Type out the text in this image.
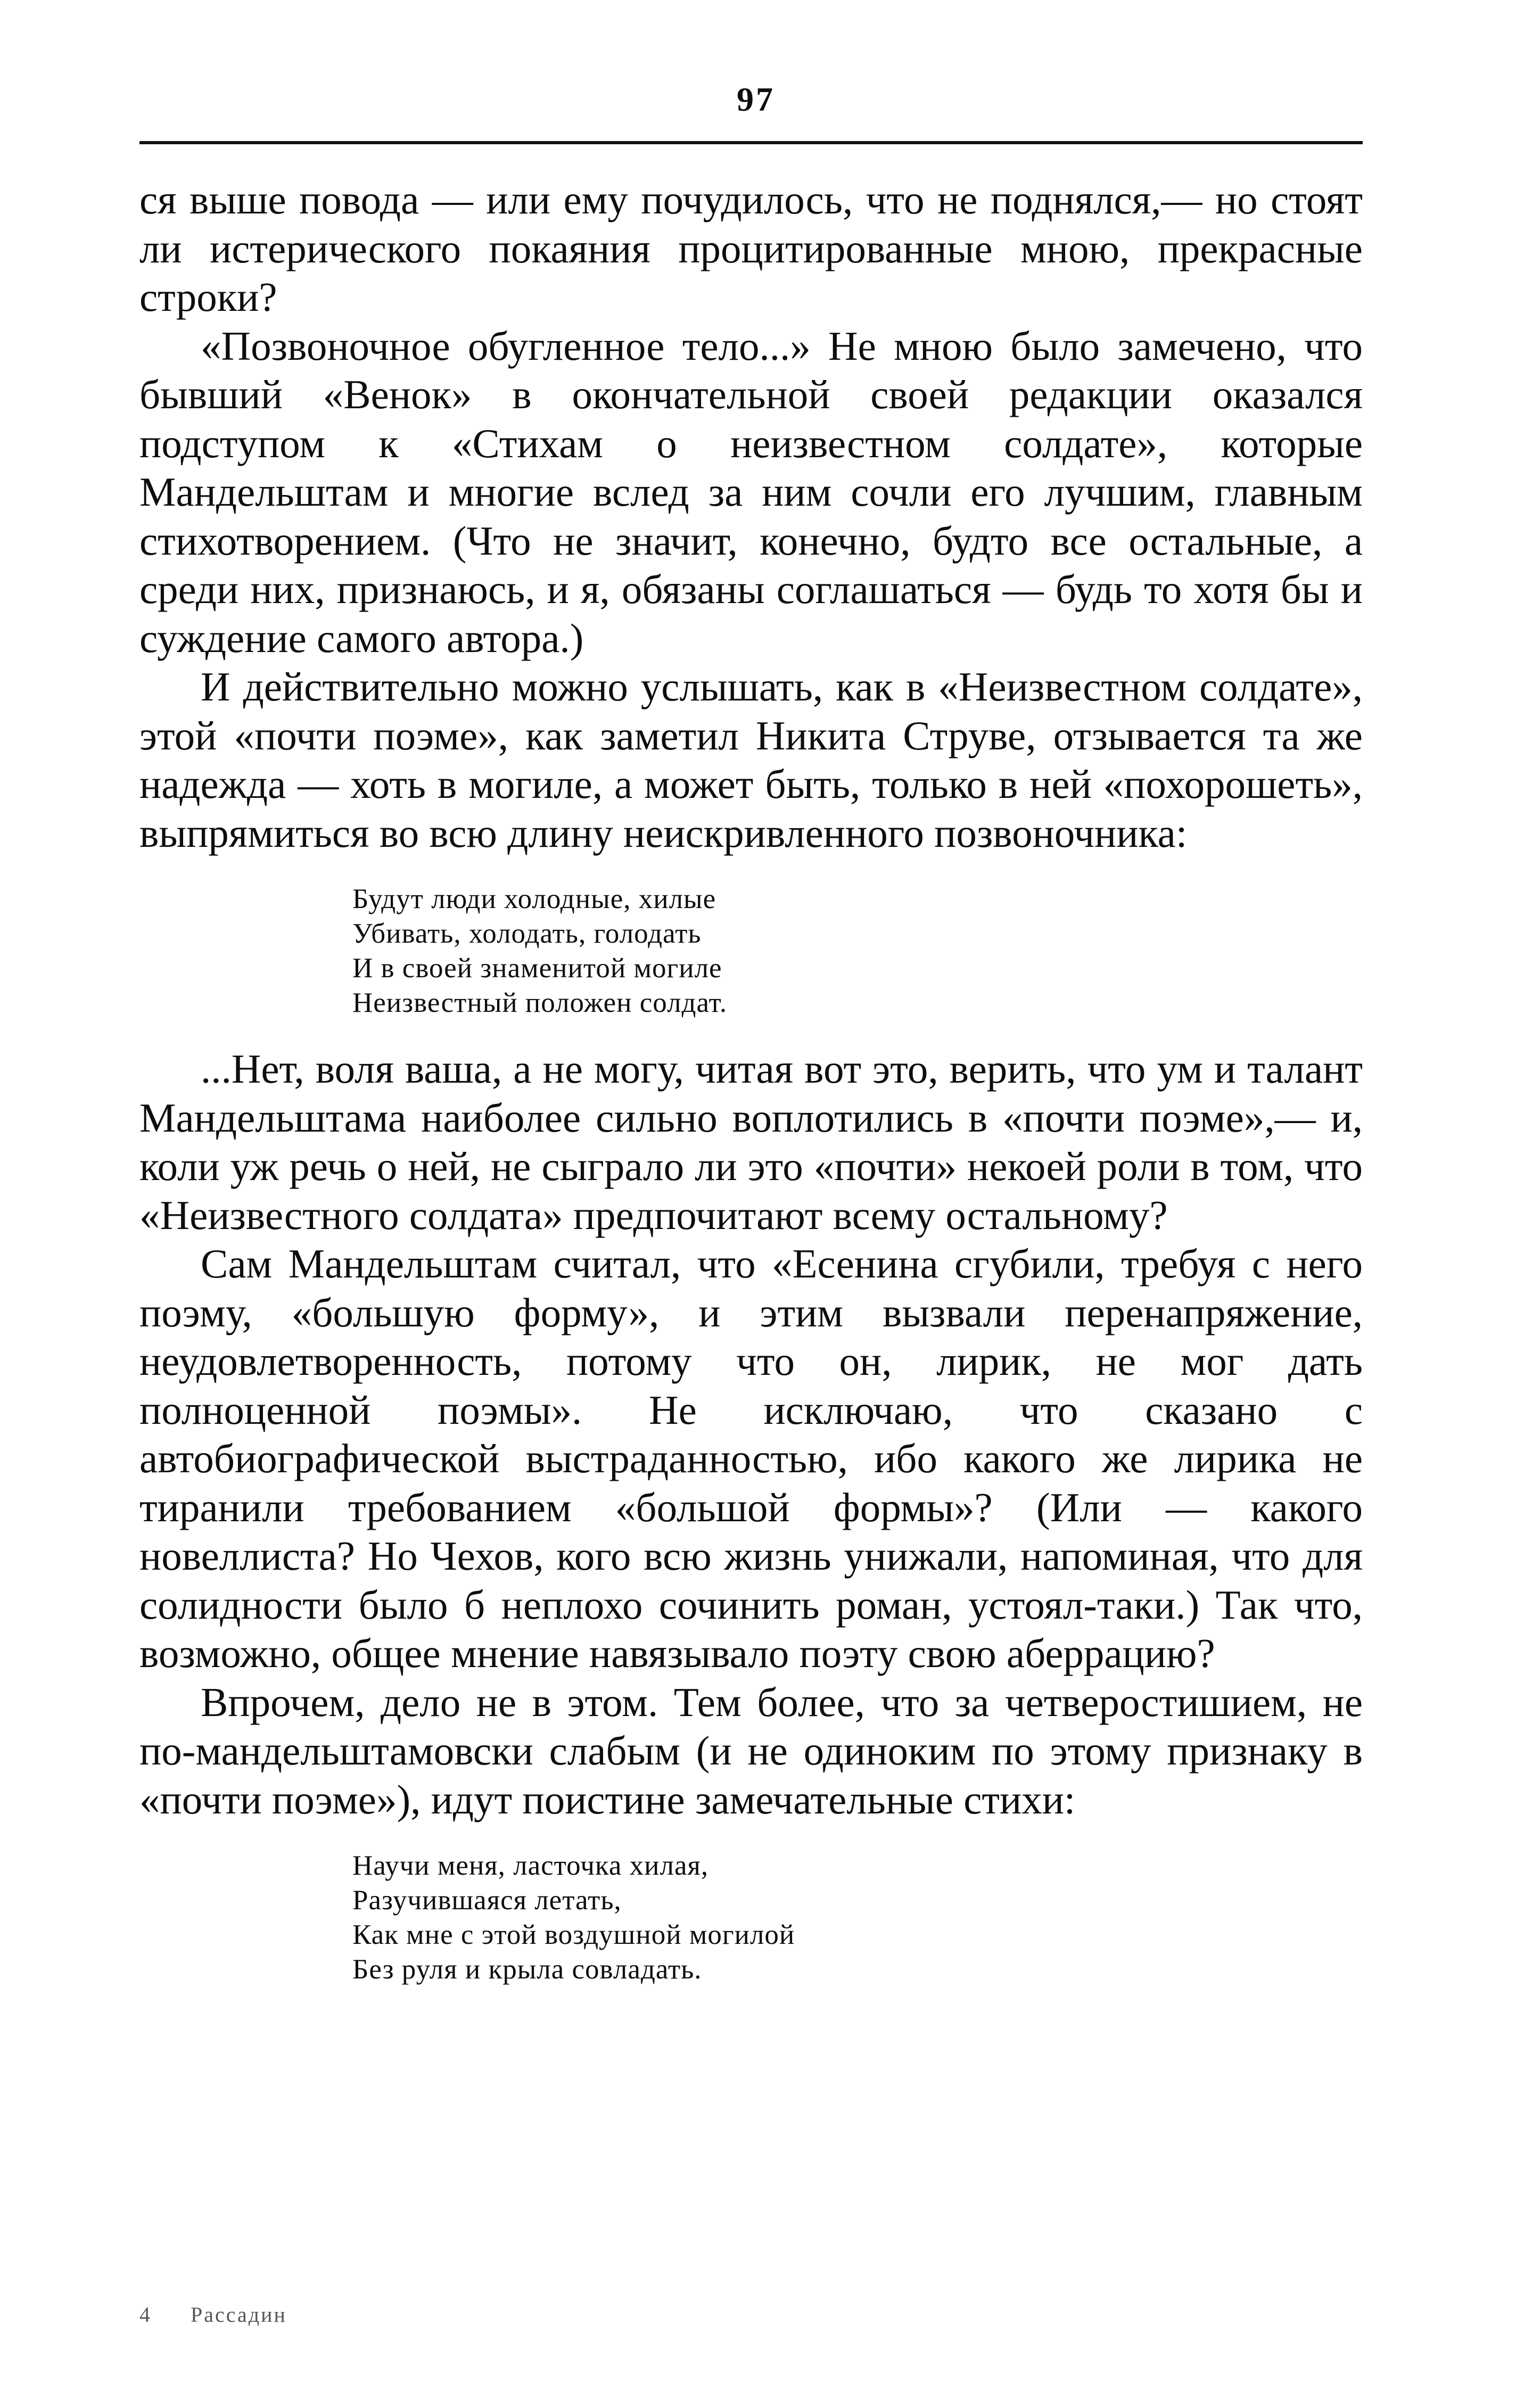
97

ся выше повода — или ему почудилось, что не поднялся,— но стоят ли истерического покаяния процитированные мною, прекрасные строки?

«Позвоночное обугленное тело...» Не мною было замечено, что бывший «Венок» в окончательной своей редакции оказался подступом к «Стихам о неизвестном солдате», которые Мандельштам и многие вслед за ним сочли его лучшим, главным стихотворением. (Что не значит, конечно, будто все остальные, а среди них, признаюсь, и я, обязаны соглашаться — будь то хотя бы и суждение самого автора.)

И действительно можно услышать, как в «Неизвестном солдате», этой «почти поэме», как заметил Никита Струве, отзывается та же надежда — хоть в могиле, а может быть, только в ней «похорошеть», выпрямиться во всю длину неискривленного позвоночника:

Будут люди холодные, хилые
Убивать, холодать, голодать
И в своей знаменитой могиле
Неизвестный положен солдат.

...Нет, воля ваша, а не могу, читая вот это, верить, что ум и талант Мандельштама наиболее сильно воплотились в «почти поэме»,— и, коли уж речь о ней, не сыграло ли это «почти» некоей роли в том, что «Неизвестного солдата» предпочитают всему остальному?

Сам Мандельштам считал, что «Есенина сгубили, требуя с него поэму, «большую форму», и этим вызвали перенапряжение, неудовлетворенность, потому что он, лирик, не мог дать полноценной поэмы». Не исключаю, что сказано с автобиографической выстраданностью, ибо какого же лирика не тиранили требованием «большой формы»? (Или — какого новеллиста? Но Чехов, кого всю жизнь унижали, напоминая, что для солидности было б неплохо сочинить роман, устоял-таки.) Так что, возможно, общее мнение навязывало поэту свою аберрацию?

Впрочем, дело не в этом. Тем более, что за четверостишием, не по-мандельштамовски слабым (и не одиноким по этому признаку в «почти поэме»), идут поистине замечательные стихи:

Научи меня, ласточка хилая,
Разучившаяся летать,
Как мне с этой воздушной могилой
Без руля и крыла совладать.
4 Рассадин
